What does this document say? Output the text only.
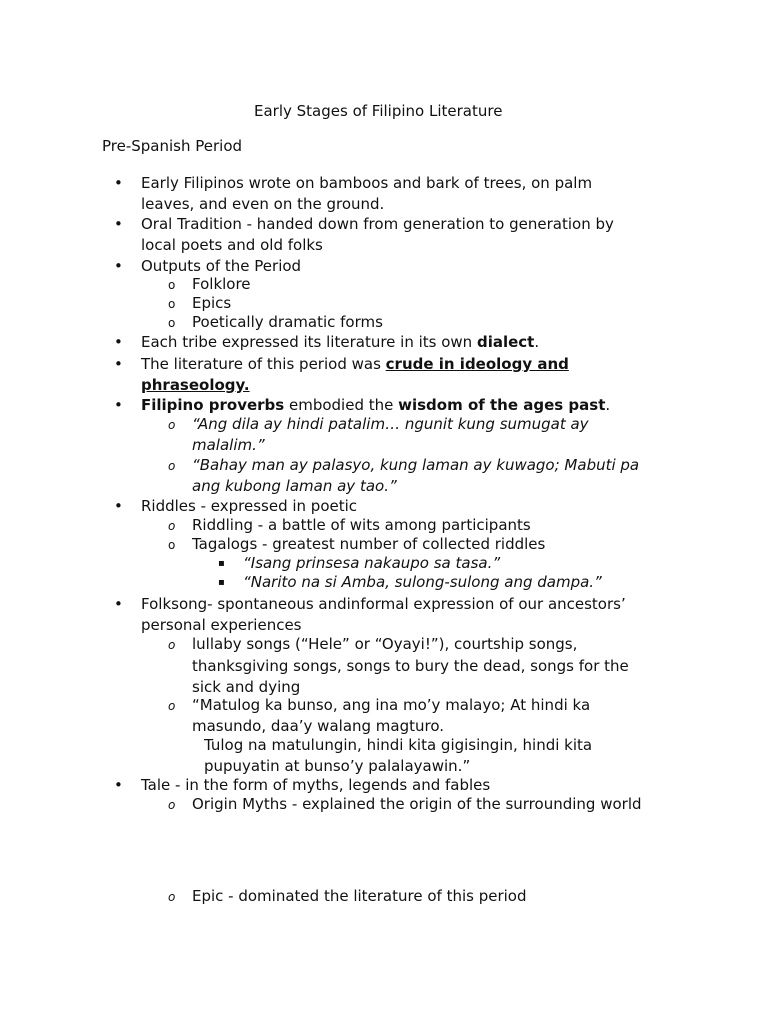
Early Stages of Filipino Literature
Pre-Spanish Period
• Early Filipinos wrote on bamboos and bark of trees, on palm
leaves, and even on the ground.
• Oral Tradition - handed down from generation to generation by
local poets and old folks
• Outputs of the Period
o Folklore
o Epics
o Poetically dramatic forms
• Each tribe expressed its literature in its own dialect.
• The literature of this period was crude in ideology and
phraseology.
• Filipino proverbs embodied the wisdom of the ages past.
o “Ang dila ay hindi patalim… ngunit kung sumugat ay
malalim.”
o “Bahay man ay palasyo, kung laman ay kuwago; Mabuti pa
ang kubong laman ay tao.”
• Riddles - expressed in poetic
o Riddling - a battle of wits among participants
o Tagalogs - greatest number of collected riddles
▪ “Isang prinsesa nakaupo sa tasa.”
▪ “Narito na si Amba, sulong-sulong ang dampa.”
• Folksong- spontaneous andinformal expression of our ancestors’
personal experiences
o lullaby songs (“Hele” or “Oyayi!”), courtship songs,
thanksgiving songs, songs to bury the dead, songs for the
sick and dying
o “Matulog ka bunso, ang ina mo’y malayo; At hindi ka
masundo, daa’y walang magturo.
Tulog na matulungin, hindi kita gigisingin, hindi kita
pupuyatin at bunso’y palalayawin.”
• Tale - in the form of myths, legends and fables
o Origin Myths - explained the origin of the surrounding world
o Epic - dominated the literature of this period
